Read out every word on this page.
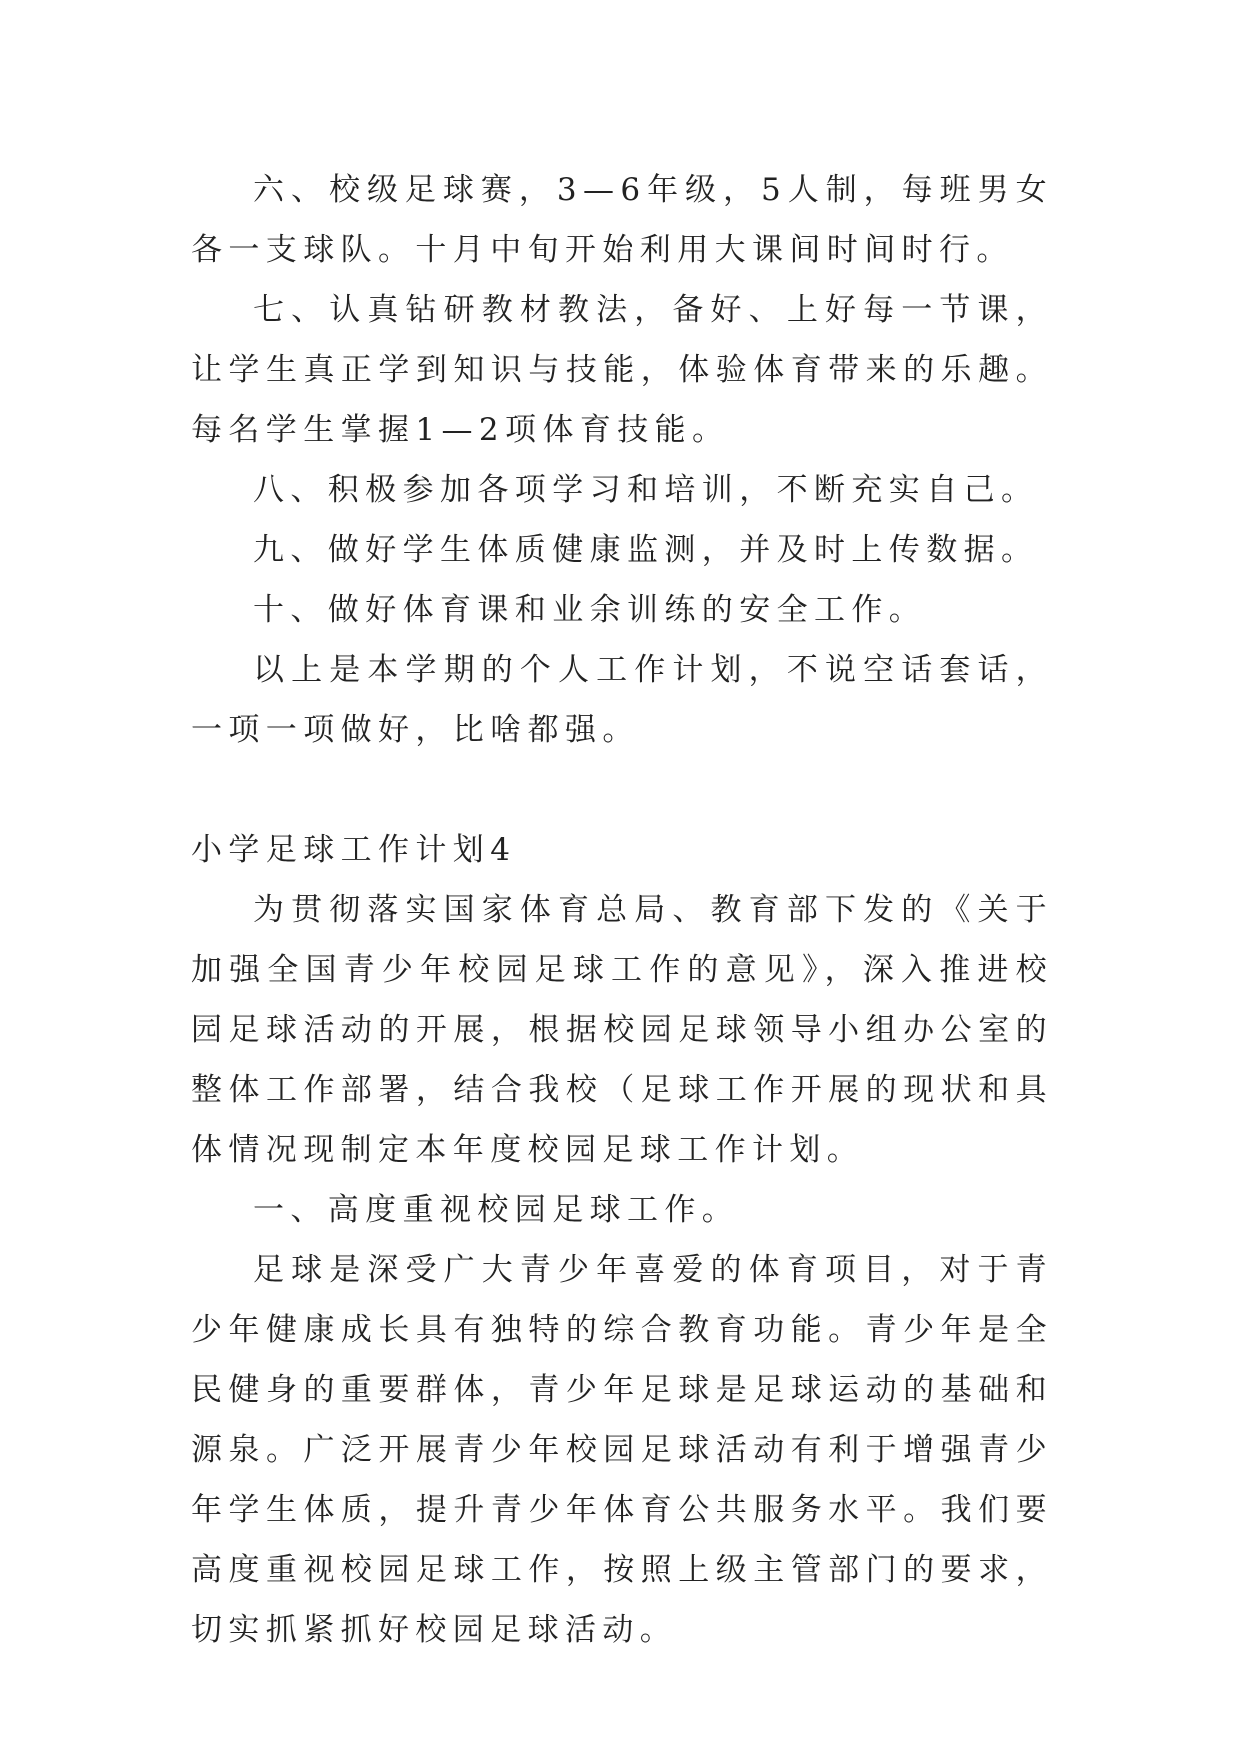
六、校级足球赛，3—6年级，5人制，每班男女各一支球队。十月中旬开始利用大课间时间时行。

七、认真钻研教材教法，备好、上好每一节课，让学生真正学到知识与技能，体验体育带来的乐趣。每名学生掌握1—2项体育技能。

八、积极参加各项学习和培训，不断充实自己。

九、做好学生体质健康监测，并及时上传数据。

十、做好体育课和业余训练的安全工作。

以上是本学期的个人工作计划，不说空话套话，一项一项做好，比啥都强。

小学足球工作计划4

为贯彻落实国家体育总局、教育部下发的《关于加强全国青少年校园足球工作的意见》，深入推进校园足球活动的开展，根据校园足球领导小组办公室的整体工作部署，结合我校（足球工作开展的现状和具体情况现制定本年度校园足球工作计划。

一、高度重视校园足球工作。

足球是深受广大青少年喜爱的体育项目，对于青少年健康成长具有独特的综合教育功能。青少年是全民健身的重要群体，青少年足球是足球运动的基础和源泉。广泛开展青少年校园足球活动有利于增强青少年学生体质，提升青少年体育公共服务水平。我们要高度重视校园足球工作，按照上级主管部门的要求，切实抓紧抓好校园足球活动。
